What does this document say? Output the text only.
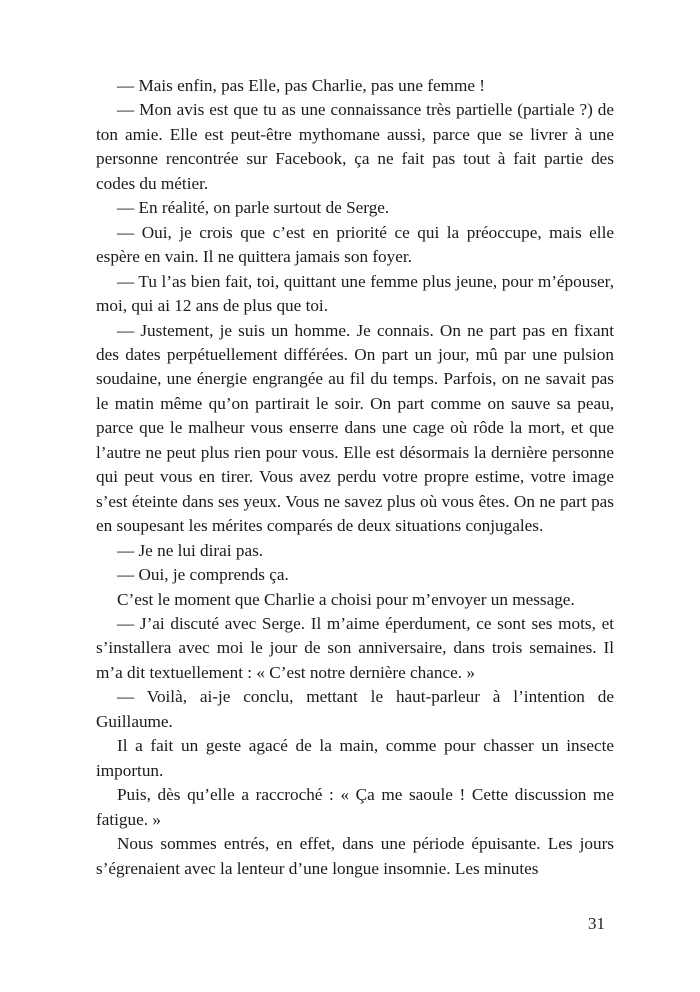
— Mais enfin, pas Elle, pas Charlie, pas une femme !

— Mon avis est que tu as une connaissance très partielle (partiale ?) de ton amie. Elle est peut-être mythomane aussi, parce que se livrer à une personne rencontrée sur Facebook, ça ne fait pas tout à fait partie des codes du métier.

— En réalité, on parle surtout de Serge.

— Oui, je crois que c’est en priorité ce qui la préoccupe, mais elle espère en vain. Il ne quittera jamais son foyer.

— Tu l’as bien fait, toi, quittant une femme plus jeune, pour m’épouser, moi, qui ai 12 ans de plus que toi.

— Justement, je suis un homme. Je connais. On ne part pas en fixant des dates perpétuellement différées. On part un jour, mû par une pulsion soudaine, une énergie engrangée au fil du temps. Parfois, on ne savait pas le matin même qu’on partirait le soir. On part comme on sauve sa peau, parce que le malheur vous enserre dans une cage où rôde la mort, et que l’autre ne peut plus rien pour vous. Elle est désormais la dernière personne qui peut vous en tirer. Vous avez perdu votre propre estime, votre image s’est éteinte dans ses yeux. Vous ne savez plus où vous êtes. On ne part pas en soupesant les mérites comparés de deux situations conjugales.

— Je ne lui dirai pas.

— Oui, je comprends ça.

C’est le moment que Charlie a choisi pour m’envoyer un message.

— J’ai discuté avec Serge. Il m’aime éperdument, ce sont ses mots, et s’installera avec moi le jour de son anniversaire, dans trois semaines. Il m’a dit textuellement : « C’est notre dernière chance. »

— Voilà, ai-je conclu, mettant le haut-parleur à l’intention de Guillaume.

Il a fait un geste agacé de la main, comme pour chasser un insecte importun.

Puis, dès qu’elle a raccroché : « Ça me saoule ! Cette discussion me fatigue. »

Nous sommes entrés, en effet, dans une période épuisante. Les jours s’égrenaient avec la lenteur d’une longue insomnie. Les minutes

31
